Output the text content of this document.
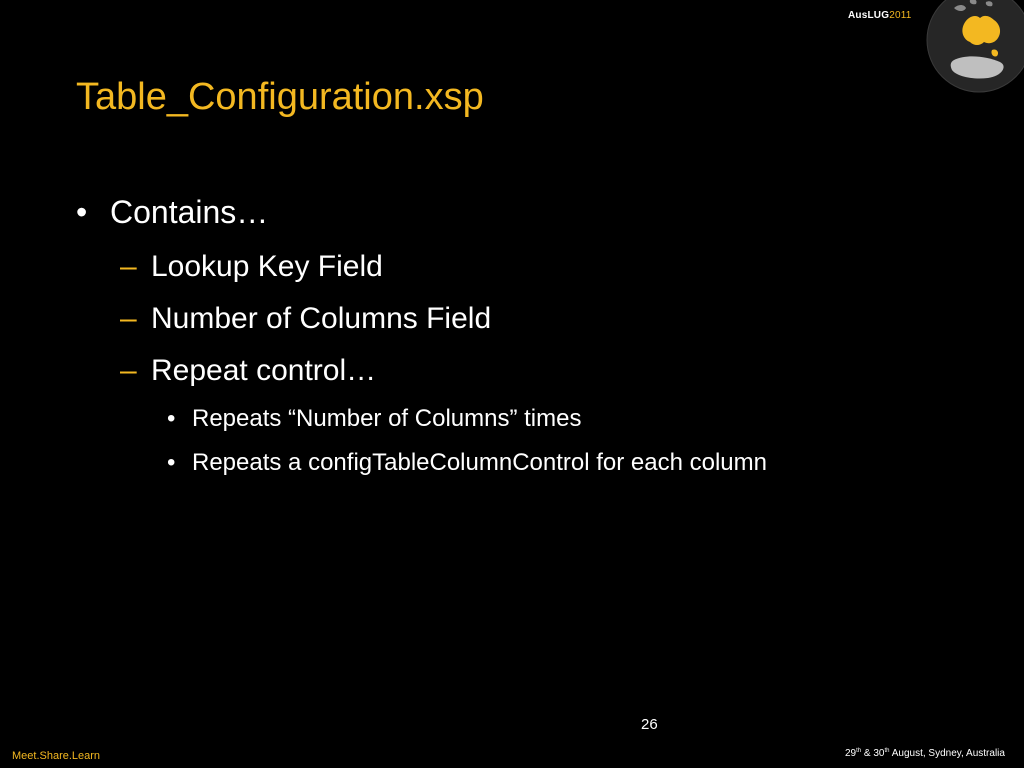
AusLUG2011
Table_Configuration.xsp
• Contains…
– Lookup Key Field
– Number of Columns Field
– Repeat control…
• Repeats “Number of Columns” times
• Repeats a configTableColumnControl for each column
26
Meet.Share.Learn	29th & 30th August, Sydney, Australia
